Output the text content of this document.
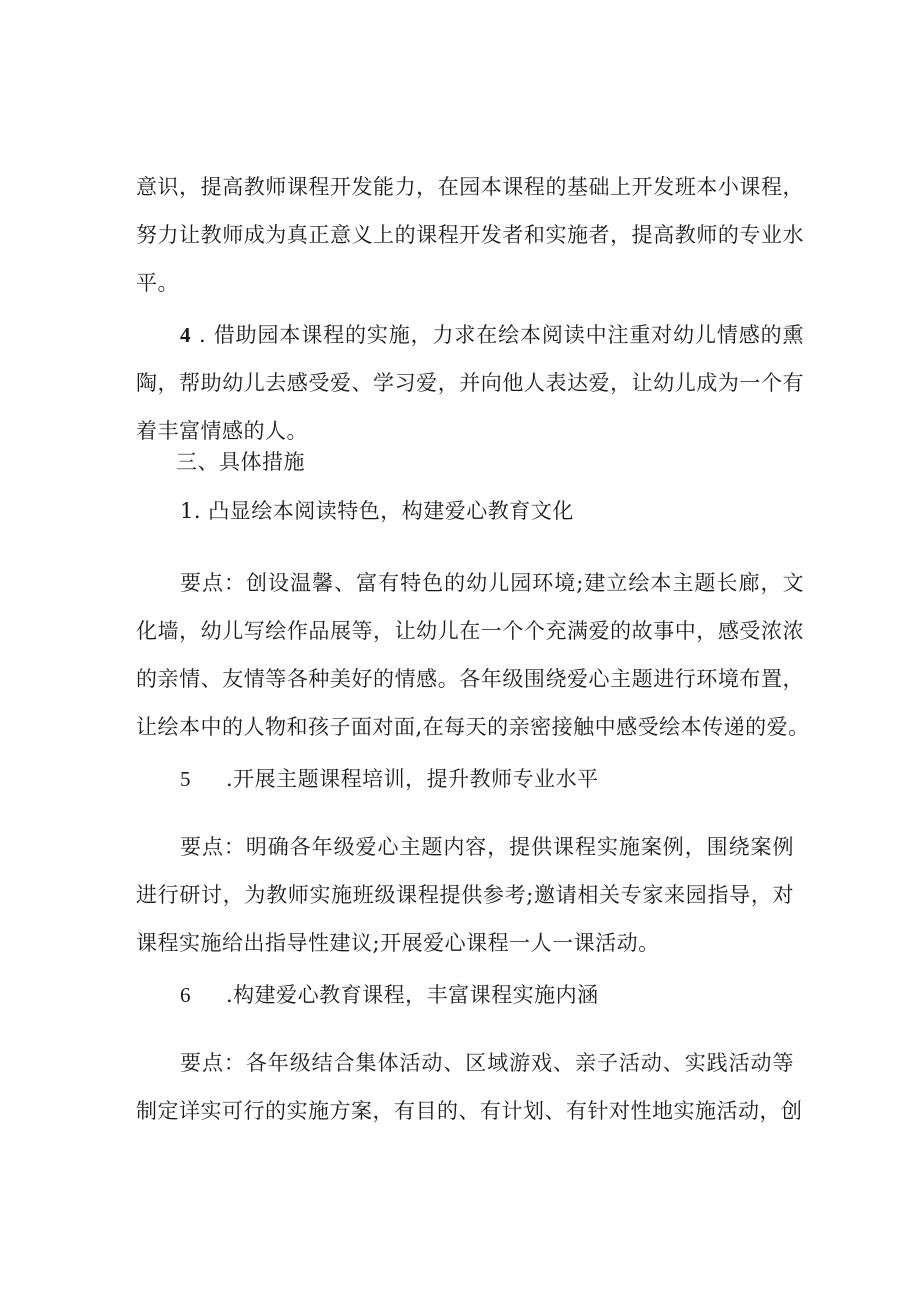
意识，提高教师课程开发能力，在园本课程的基础上开发班本小课程，
努力让教师成为真正意义上的课程开发者和实施者，提高教师的专业水
平。
4 . 借助园本课程的实施，力求在绘本阅读中注重对幼儿情感的熏
陶，帮助幼儿去感受爱、学习爱，并向他人表达爱，让幼儿成为一个有
着丰富情感的人。
三、具体措施
1. 凸显绘本阅读特色，构建爱心教育文化
要点：创设温馨、富有特色的幼儿园环境;建立绘本主题长廊，文
化墙，幼儿写绘作品展等，让幼儿在一个个充满爱的故事中，感受浓浓
的亲情、友情等各种美好的情感。各年级围绕爱心主题进行环境布置，
让绘本中的人物和孩子面对面,在每天的亲密接触中感受绘本传递的爱。
5 .开展主题课程培训，提升教师专业水平
要点：明确各年级爱心主题内容，提供课程实施案例，围绕案例
进行研讨，为教师实施班级课程提供参考;邀请相关专家来园指导，对
课程实施给出指导性建议;开展爱心课程一人一课活动。
6 .构建爱心教育课程，丰富课程实施内涵
要点：各年级结合集体活动、区域游戏、亲子活动、实践活动等
制定详实可行的实施方案，有目的、有计划、有针对性地实施活动，创
